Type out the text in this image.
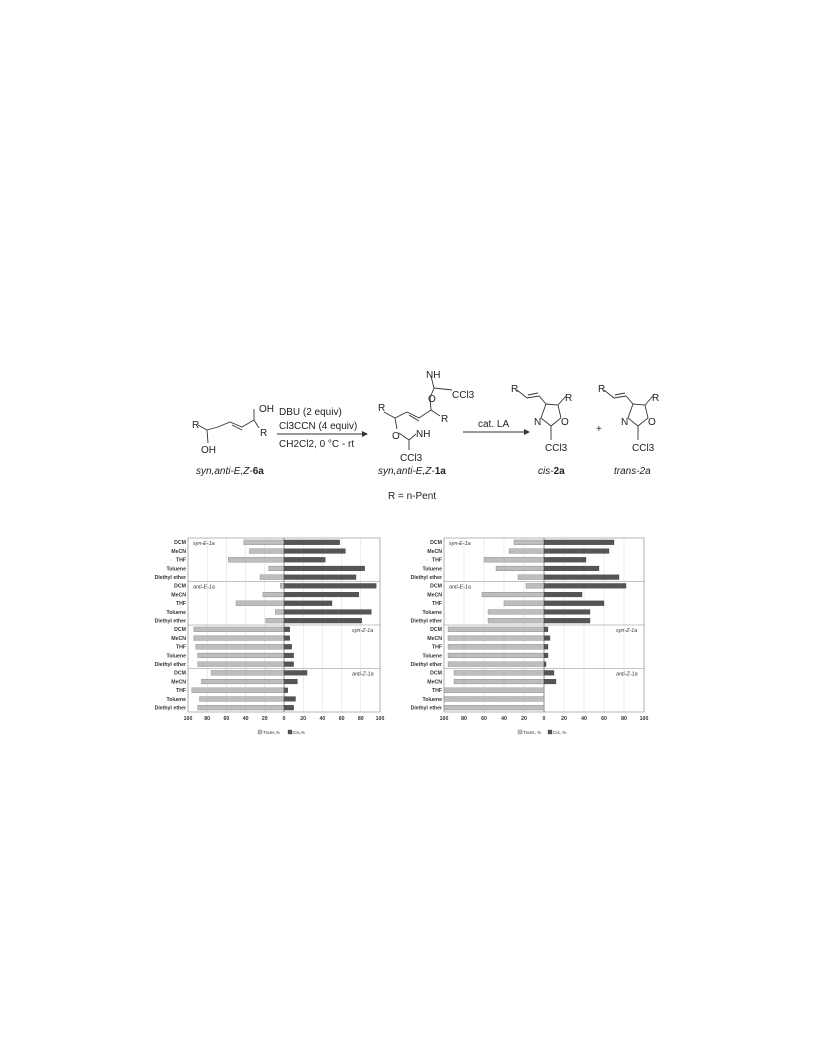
R
OH
R
OH
syn,anti-E,Z-6a
DBU (2 equiv)
Cl3CCN (4 equiv)
CH2Cl2, 0 °C - rt
R
O
NH
CCl3
R
O NH
CCl3
syn,anti-E,Z-1a
cat. LA
R
R
N O
CCl3
cis-2a
+
R
R
N O
CCl3
trans-2a
R = n-Pent
syn-E-1a
DCM
MeCN
THF
Toluene
Diethyl ether
anti-E-1a
DCM
MeCN
THF
Toluene
Diethyl ether
syn-Z-1a
DCM
MeCN
THF
Toluene
Diethyl ether
anti-Z-1a
DCM
MeCN
THF
Toluene
Diethyl ether
100 80	60	40	20	0	20	40	60	80 100
Trans,%	Cis,%
syn-E-1a
DCM
MeCN
THF
Toluene
Diethyl ether
anti-E-1a
DCM
MeCN
THF
Toluene
Diethyl ether
syn-Z-1a
DCM
MeCN
THF
Toluene
Diethyl ether
anti-Z-1a
DCM
MeCN
THF
Toluene
Diethyl ether
100 80	60	40	20	0	20	40	60	80 100
Trans, %	Cis, %
